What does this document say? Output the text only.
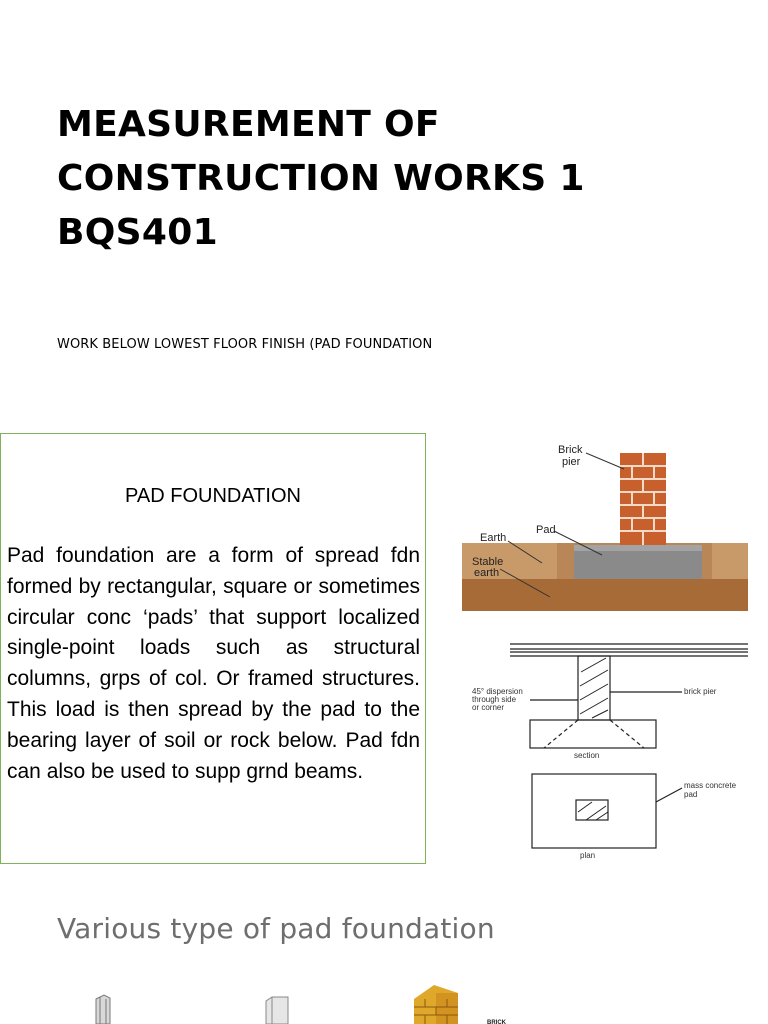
MEASUREMENT OF
CONSTRUCTION WORKS 1
BQS401
WORK BELOW LOWEST FLOOR FINISH (PAD FOUNDATION
PAD FOUNDATION
Pad foundation are a form of spread fdn formed by rectangular, square or sometimes circular conc ‘pads’ that support localized single-point loads such as structural columns, grps of col. Or framed structures. This load is then spread by the pad to the bearing layer of soil or rock below. Pad fdn can also be used to supp grnd beams.
Brick
pier
Pad
Earth
Stable
earth
45° dispersion
through side
or corner
brick pier
section
mass concrete
pad
plan
Various type of pad foundation
BRICK
